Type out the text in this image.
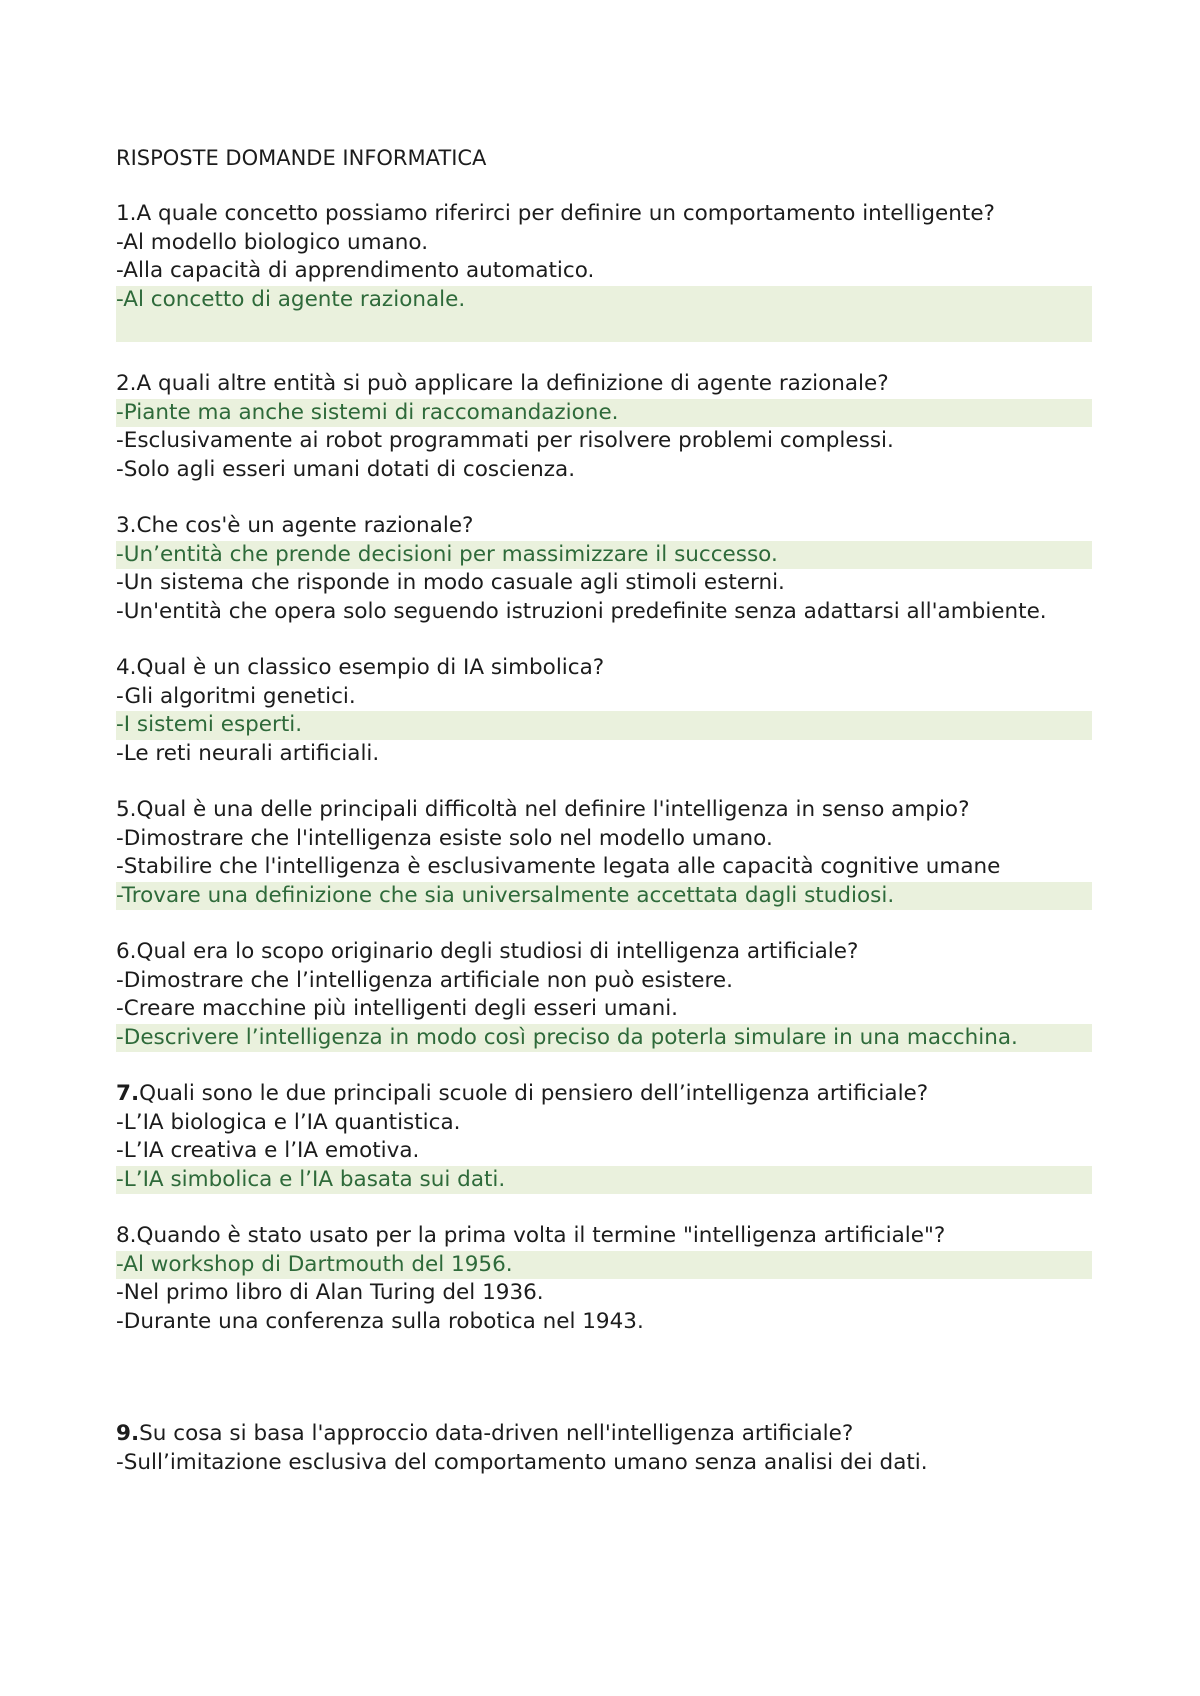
RISPOSTE DOMANDE INFORMATICA
1.A quale concetto possiamo riferirci per definire un comportamento intelligente?
-Al modello biologico umano.
-Alla capacità di apprendimento automatico.
-Al concetto di agente razionale.
2.A quali altre entità si può applicare la definizione di agente razionale?
-Piante ma anche sistemi di raccomandazione.
-Esclusivamente ai robot programmati per risolvere problemi complessi.
-Solo agli esseri umani dotati di coscienza.
3.Che cos'è un agente razionale?
-Un’entità che prende decisioni per massimizzare il successo.
-Un sistema che risponde in modo casuale agli stimoli esterni.
-Un'entità che opera solo seguendo istruzioni predefinite senza adattarsi all'ambiente.
4.Qual è un classico esempio di IA simbolica?
-Gli algoritmi genetici.
-I sistemi esperti.
-Le reti neurali artificiali.
5.Qual è una delle principali difficoltà nel definire l'intelligenza in senso ampio?
-Dimostrare che l'intelligenza esiste solo nel modello umano.
-Stabilire che l'intelligenza è esclusivamente legata alle capacità cognitive umane
-Trovare una definizione che sia universalmente accettata dagli studiosi.
6.Qual era lo scopo originario degli studiosi di intelligenza artificiale?
-Dimostrare che l’intelligenza artificiale non può esistere.
-Creare macchine più intelligenti degli esseri umani.
-Descrivere l’intelligenza in modo così preciso da poterla simulare in una macchina.
7.Quali sono le due principali scuole di pensiero dell’intelligenza artificiale?
-L’IA biologica e l’IA quantistica.
-L’IA creativa e l’IA emotiva.
-L’IA simbolica e l’IA basata sui dati.
8.Quando è stato usato per la prima volta il termine "intelligenza artificiale"?
-Al workshop di Dartmouth del 1956.
-Nel primo libro di Alan Turing del 1936.
-Durante una conferenza sulla robotica nel 1943.
9.Su cosa si basa l'approccio data-driven nell'intelligenza artificiale?
-Sull’imitazione esclusiva del comportamento umano senza analisi dei dati.
